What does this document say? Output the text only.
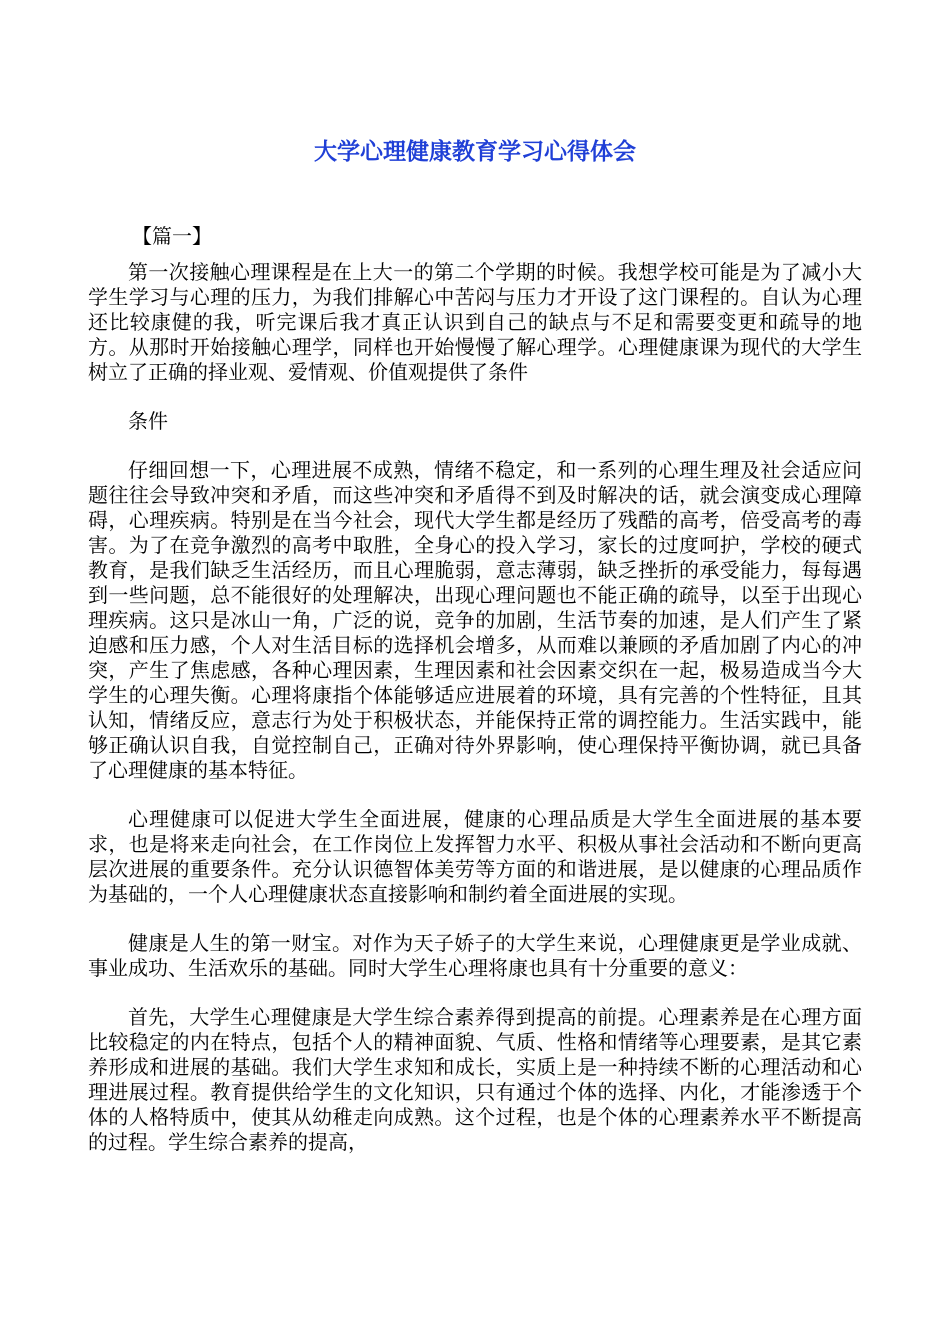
大学心理健康教育学习心得体会
【篇一】

第一次接触心理课程是在上大一的第二个学期的时候。我想学校可能是为了减小大学生学习与心理的压力，为我们排解心中苦闷与压力才开设了这门课程的。自认为心理还比较康健的我，听完课后我才真正认识到自己的缺点与不足和需要变更和疏导的地方。从那时开始接触心理学，同样也开始慢慢了解心理学。心理健康课为现代的大学生树立了正确的择业观、爱情观、价值观提供了条件

条件

仔细回想一下，心理进展不成熟，情绪不稳定，和一系列的心理生理及社会适应问题往往会导致冲突和矛盾，而这些冲突和矛盾得不到及时解决的话，就会演变成心理障碍，心理疾病。特别是在当今社会，现代大学生都是经历了残酷的高考，倍受高考的毒害。为了在竞争激烈的高考中取胜，全身心的投入学习，家长的过度呵护，学校的硬式教育，是我们缺乏生活经历，而且心理脆弱，意志薄弱，缺乏挫折的承受能力，每每遇到一些问题，总不能很好的处理解决，出现心理问题也不能正确的疏导，以至于出现心理疾病。这只是冰山一角，广泛的说，竞争的加剧，生活节奏的加速，是人们产生了紧迫感和压力感，个人对生活目标的选择机会增多，从而难以兼顾的矛盾加剧了内心的冲突，产生了焦虑感，各种心理因素，生理因素和社会因素交织在一起，极易造成当今大学生的心理失衡。心理将康指个体能够适应进展着的环境，具有完善的个性特征，且其认知，情绪反应，意志行为处于积极状态，并能保持正常的调控能力。生活实践中，能够正确认识自我，自觉控制自己，正确对待外界影响，使心理保持平衡协调，就已具备了心理健康的基本特征。

心理健康可以促进大学生全面进展，健康的心理品质是大学生全面进展的基本要求，也是将来走向社会，在工作岗位上发挥智力水平、积极从事社会活动和不断向更高层次进展的重要条件。充分认识德智体美劳等方面的和谐进展，是以健康的心理品质作为基础的，一个人心理健康状态直接影响和制约着全面进展的实现。

健康是人生的第一财宝。对作为天子娇子的大学生来说，心理健康更是学业成就、事业成功、生活欢乐的基础。同时大学生心理将康也具有十分重要的意义：

首先，大学生心理健康是大学生综合素养得到提高的前提。心理素养是在心理方面比较稳定的内在特点，包括个人的精神面貌、气质、性格和情绪等心理要素，是其它素养形成和进展的基础。我们大学生求知和成长，实质上是一种持续不断的心理活动和心理进展过程。教育提供给学生的文化知识，只有通过个体的选择、内化，才能渗透于个体的人格特质中，使其从幼稚走向成熟。这个过程，也是个体的心理素养水平不断提高的过程。学生综合素养的提高，
